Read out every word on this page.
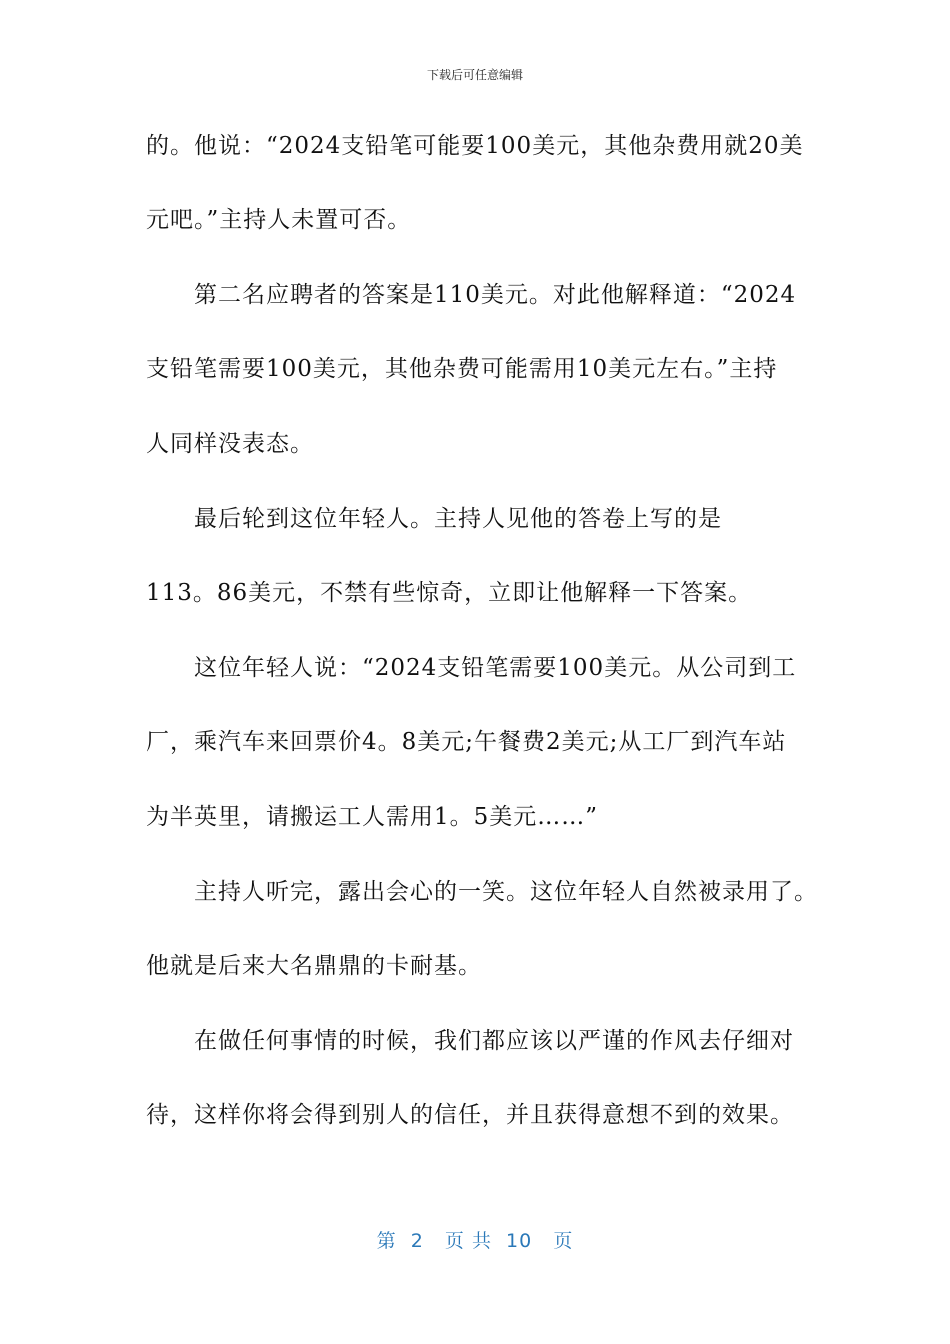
下载后可任意编辑
的。他说：“2024支铅笔可能要100美元，其他杂费用就20美
元吧。”主持人未置可否。
第二名应聘者的答案是110美元。对此他解释道：“2024
支铅笔需要100美元，其他杂费可能需用10美元左右。”主持
人同样没表态。
最后轮到这位年轻人。主持人见他的答卷上写的是
113。86美元，不禁有些惊奇，立即让他解释一下答案。
这位年轻人说：“2024支铅笔需要100美元。从公司到工
厂，乘汽车来回票价4。8美元;午餐费2美元;从工厂到汽车站
为半英里，请搬运工人需用1。5美元……”
主持人听完，露出会心的一笑。这位年轻人自然被录用了。
他就是后来大名鼎鼎的卡耐基。
在做任何事情的时候，我们都应该以严谨的作风去仔细对
待，这样你将会得到别人的信任，并且获得意想不到的效果。
第  2   页 共  10   页
